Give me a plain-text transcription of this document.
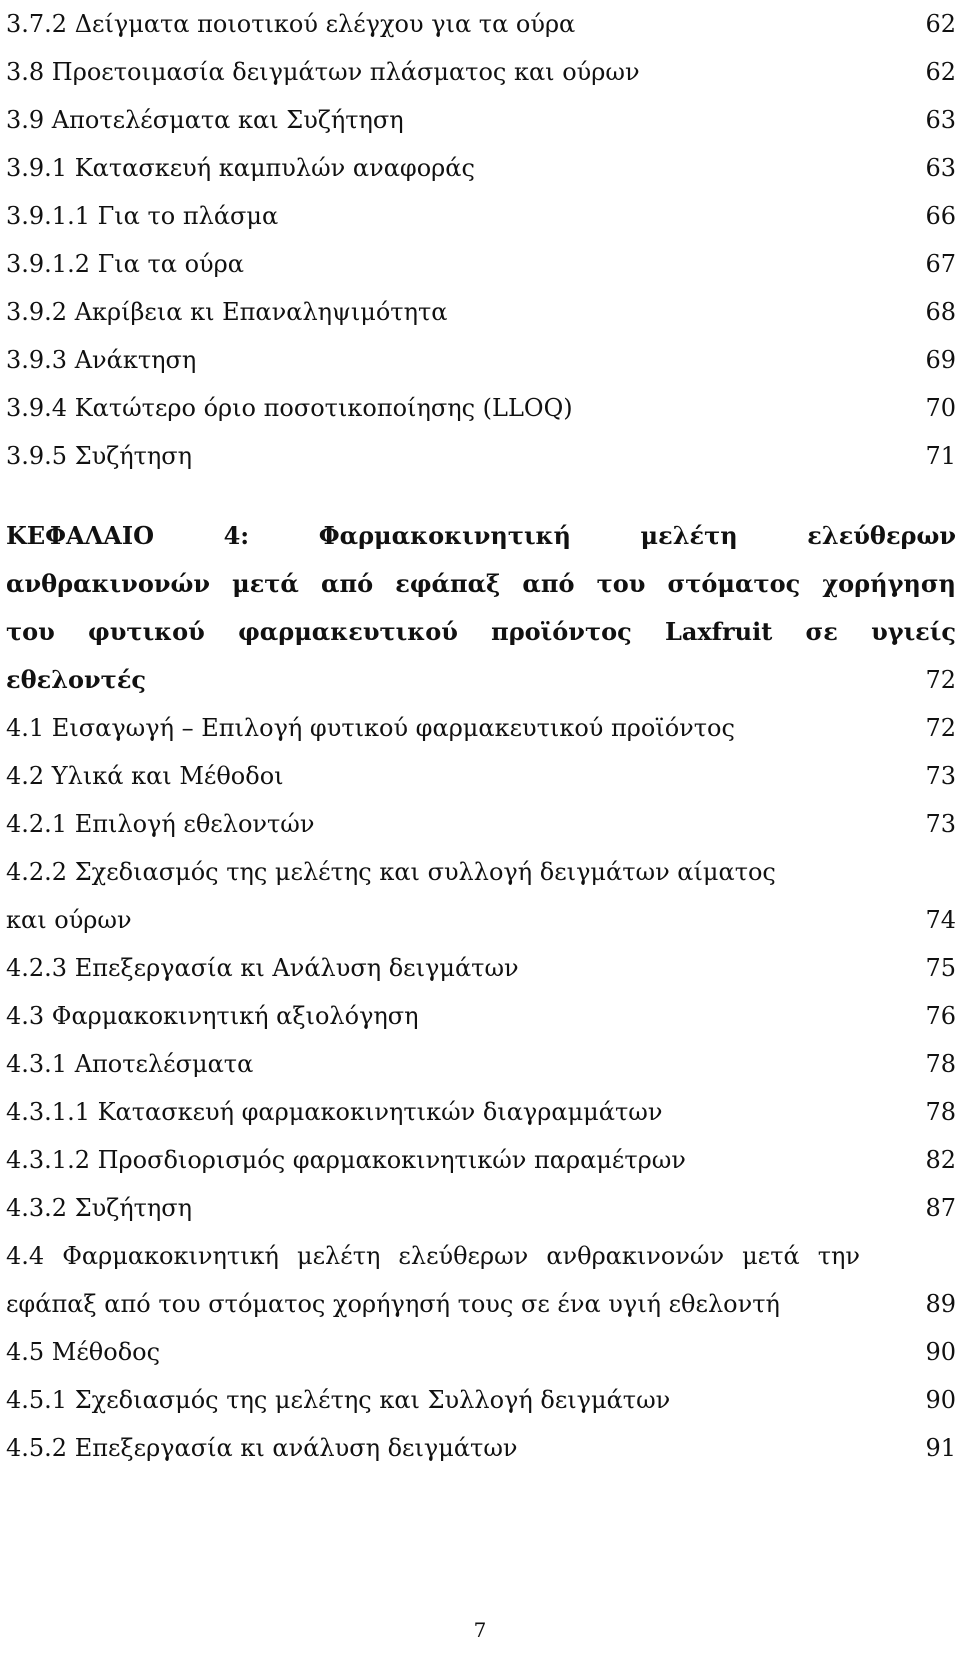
3.7.2 Δείγματα ποιοτικού ελέγχου για τα ούρα	62
3.8 Προετοιμασία δειγμάτων πλάσματος και ούρων	62
3.9 Αποτελέσματα και Συζήτηση	63
3.9.1 Κατασκευή καμπυλών αναφοράς	63
3.9.1.1 Για το πλάσμα	66
3.9.1.2 Για τα ούρα	67
3.9.2 Ακρίβεια κι Επαναληψιμότητα	68
3.9.3 Ανάκτηση	69
3.9.4 Κατώτερο όριο ποσοτικοποίησης (LLOQ)	70
3.9.5 Συζήτηση	71
ΚΕΦΑΛΑΙΟ 4: Φαρμακοκινητική μελέτη ελεύθερων
ανθρακινονών μετά από εφάπαξ από του στόματος χορήγηση
του φυτικού φαρμακευτικού προϊόντος Laxfruit σε υγιείς
εθελοντές	72
4.1 Εισαγωγή – Επιλογή φυτικού φαρμακευτικού προϊόντος	72
4.2 Υλικά και Μέθοδοι	73
4.2.1 Επιλογή εθελοντών	73
4.2.2 Σχεδιασμός της μελέτης και συλλογή δειγμάτων αίματος
και ούρων	74
4.2.3 Επεξεργασία κι Ανάλυση δειγμάτων	75
4.3 Φαρμακοκινητική αξιολόγηση	76
4.3.1 Αποτελέσματα	78
4.3.1.1 Κατασκευή φαρμακοκινητικών διαγραμμάτων	78
4.3.1.2 Προσδιορισμός φαρμακοκινητικών παραμέτρων	82
4.3.2 Συζήτηση	87
4.4 Φαρμακοκινητική μελέτη ελεύθερων ανθρακινονών μετά την
εφάπαξ από του στόματος χορήγησή τους σε ένα υγιή εθελοντή	89
4.5 Μέθοδος	90
4.5.1 Σχεδιασμός της μελέτης και Συλλογή δειγμάτων	90
4.5.2 Επεξεργασία κι ανάλυση δειγμάτων	91
7
